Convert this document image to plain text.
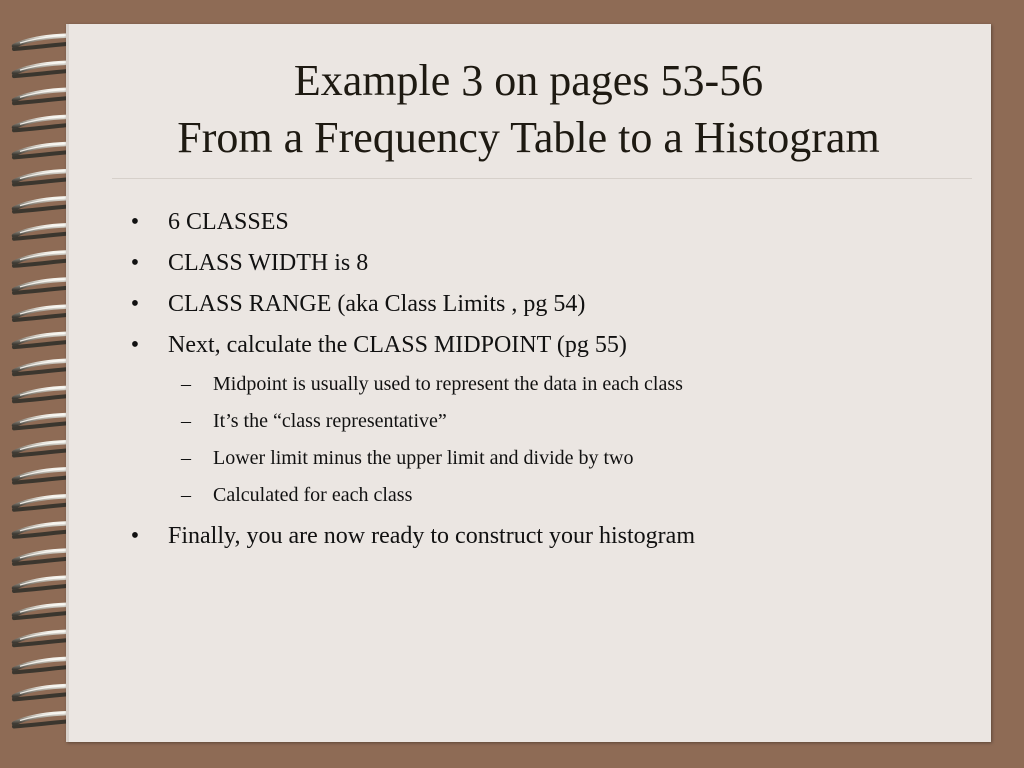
Example 3 on pages 53-56
From a Frequency Table to a Histogram
• 6 CLASSES
• CLASS WIDTH is 8
• CLASS RANGE (aka Class Limits , pg 54)
• Next, calculate the CLASS MIDPOINT (pg 55)
– Midpoint is usually used to represent the data in each class
– It’s the “class representative”
– Lower limit minus the upper limit and divide by two
– Calculated for each class
• Finally, you are now ready to construct your histogram
